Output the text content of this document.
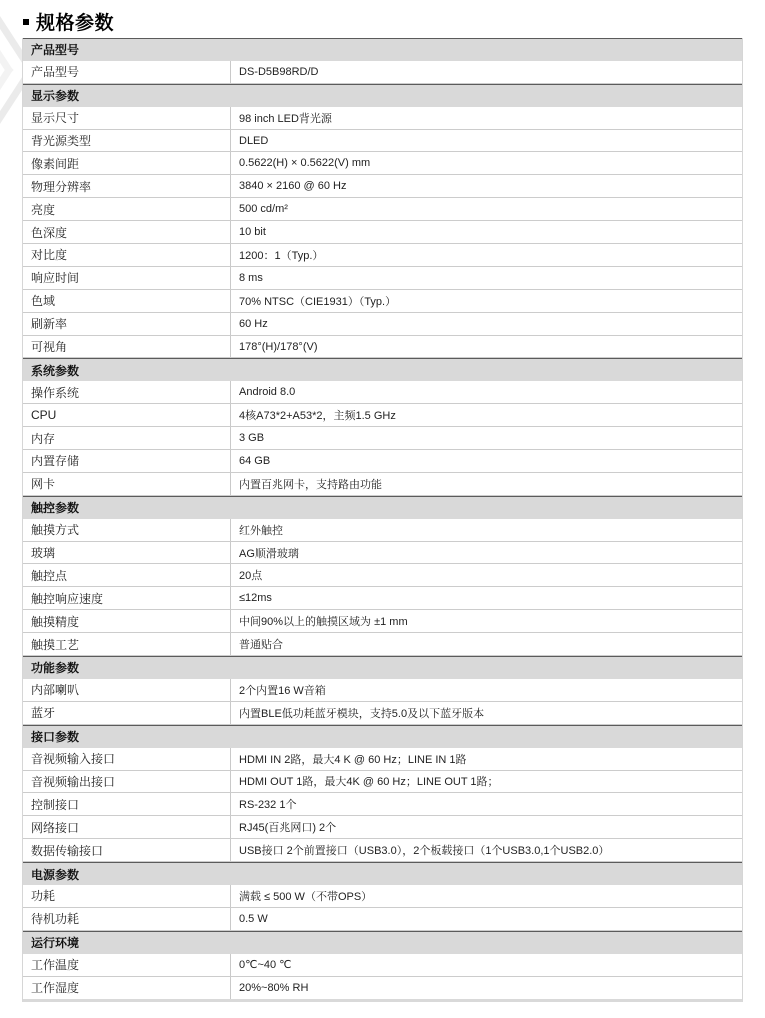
规格参数
产品型号
产品型号	DS-D5B98RD/D
显示参数
显示尺寸	98 inch LED背光源
背光源类型	DLED
像素间距	0.5622(H) × 0.5622(V) mm
物理分辨率	3840 × 2160 @ 60 Hz
亮度	500 cd/m²
色深度	10 bit
对比度	1200：1（Typ.）
响应时间	8 ms
色域	70% NTSC（CIE1931）（Typ.）
刷新率	60 Hz
可视角	178°(H)/178°(V)
系统参数
操作系统	Android 8.0
CPU	4核A73*2+A53*2，主频1.5 GHz
内存	3 GB
内置存储	64 GB
网卡	内置百兆网卡，支持路由功能
触控参数
触摸方式	红外触控
玻璃	AG顺滑玻璃
触控点	20点
触控响应速度	≤12ms
触摸精度	中间90%以上的触摸区域为 ±1 mm
触摸工艺	普通贴合
功能参数
内部喇叭	2个内置16 W音箱
蓝牙	内置BLE低功耗蓝牙模块，支持5.0及以下蓝牙版本
接口参数
音视频输入接口	HDMI IN 2路，最大4 K @ 60 Hz；LINE IN 1路
音视频输出接口	HDMI OUT 1路，最大4K @ 60 Hz；LINE OUT 1路；
控制接口	RS-232 1个
网络接口	RJ45(百兆网口) 2个
数据传输接口	USB接口 2个前置接口（USB3.0），2个板载接口（1个USB3.0,1个USB2.0）
电源参数
功耗	满载 ≤ 500 W（不带OPS）
待机功耗	0.5 W
运行环境
工作温度	0℃~40 ℃
工作湿度	20%~80% RH
